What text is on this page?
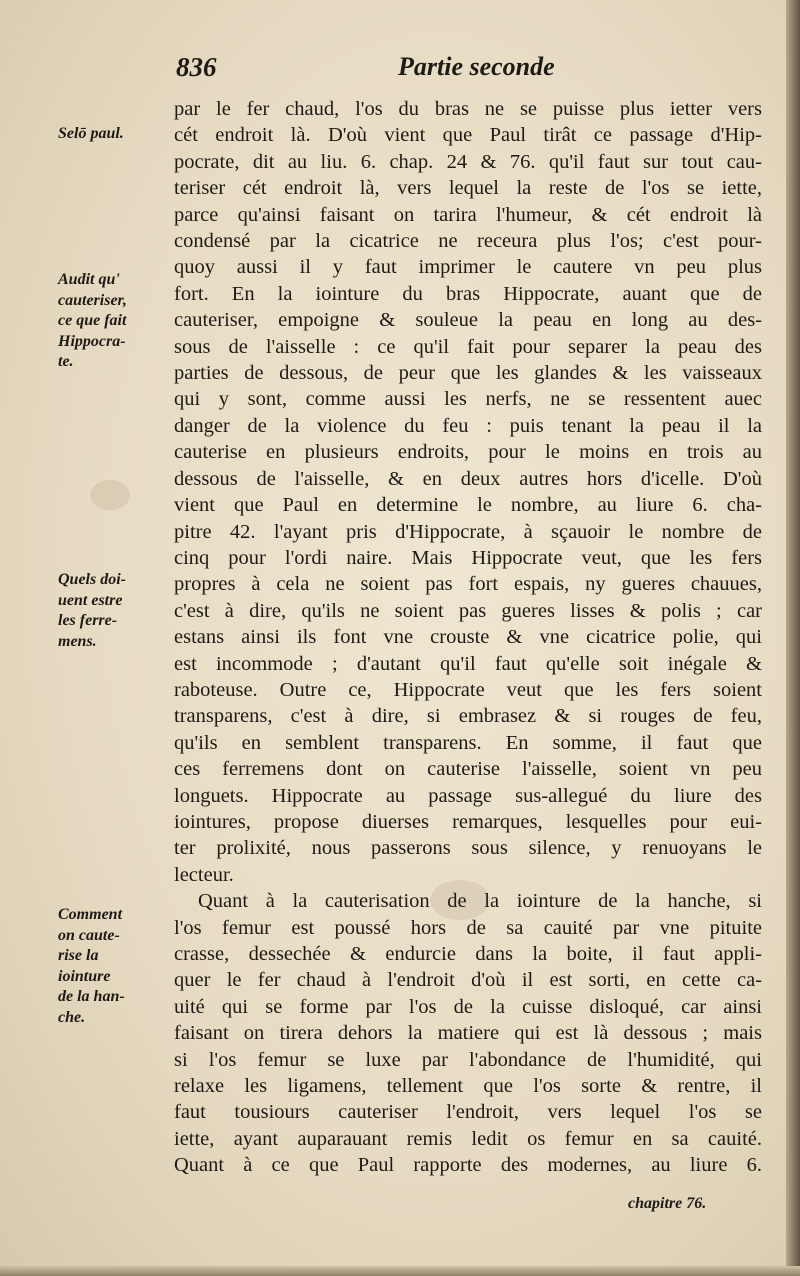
836	Partie seconde
Selō paul.
Audit qu'
cauteriser,
ce que fait
Hippocra-
te.
Quels doi-
uent estre
les ferre-
mens.
Comment
on caute-
rise la
iointure
de la han-
che.
par le fer chaud, l'os du bras ne se puisse plus ietter vers
cét endroit là. D'où vient que Paul tirât ce passage d'Hip-
pocrate, dit au liu. 6. chap. 24 & 76. qu'il faut sur tout cau-
teriser cét endroit là, vers lequel la reste de l'os se iette,
parce qu'ainsi faisant on tarira l'humeur, & cét endroit là
condensé par la cicatrice ne receura plus l'os; c'est pour-
quoy aussi il y faut imprimer le cautere vn peu plus
fort. En la iointure du bras Hippocrate, auant que de
cauteriser, empoigne & souleue la peau en long au des-
sous de l'aisselle : ce qu'il fait pour separer la peau des
parties de dessous, de peur que les glandes & les vaisseaux
qui y sont, comme aussi les nerfs, ne se ressentent auec
danger de la violence du feu : puis tenant la peau il la
cauterise en plusieurs endroits, pour le moins en trois au
dessous de l'aisselle, & en deux autres hors d'icelle. D'où
vient que Paul en determine le nombre, au liure 6. cha-
pitre 42. l'ayant pris d'Hippocrate, à sçauoir le nombre de
cinq pour l'ordi naire. Mais Hippocrate veut, que les fers
propres à cela ne soient pas fort espais, ny gueres chauues,
c'est à dire, qu'ils ne soient pas gueres lisses & polis ; car
estans ainsi ils font vne crouste & vne cicatrice polie, qui
est incommode ; d'autant qu'il faut qu'elle soit inégale &
raboteuse. Outre ce, Hippocrate veut que les fers soient
transparens, c'est à dire, si embrasez & si rouges de feu,
qu'ils en semblent transparens. En somme, il faut que
ces ferremens dont on cauterise l'aisselle, soient vn peu
longuets. Hippocrate au passage sus-allegué du liure des
iointures, propose diuerses remarques, lesquelles pour eui-
ter prolixité, nous passerons sous silence, y renuoyans le
lecteur.
Quant à la cauterisation de la iointure de la hanche, si
l'os femur est poussé hors de sa cauité par vne pituite
crasse, dessechée & endurcie dans la boite, il faut appli-
quer le fer chaud à l'endroit d'où il est sorti, en cette ca-
uité qui se forme par l'os de la cuisse disloqué, car ainsi
faisant on tirera dehors la matiere qui est là dessous ; mais
si l'os femur se luxe par l'abondance de l'humidité, qui
relaxe les ligamens, tellement que l'os sorte & rentre, il
faut tousiours cauteriser l'endroit, vers lequel l'os se
iette, ayant auparauant remis ledit os femur en sa cauité.
Quant à ce que Paul rapporte des modernes, au liure 6.
chapitre 76.
